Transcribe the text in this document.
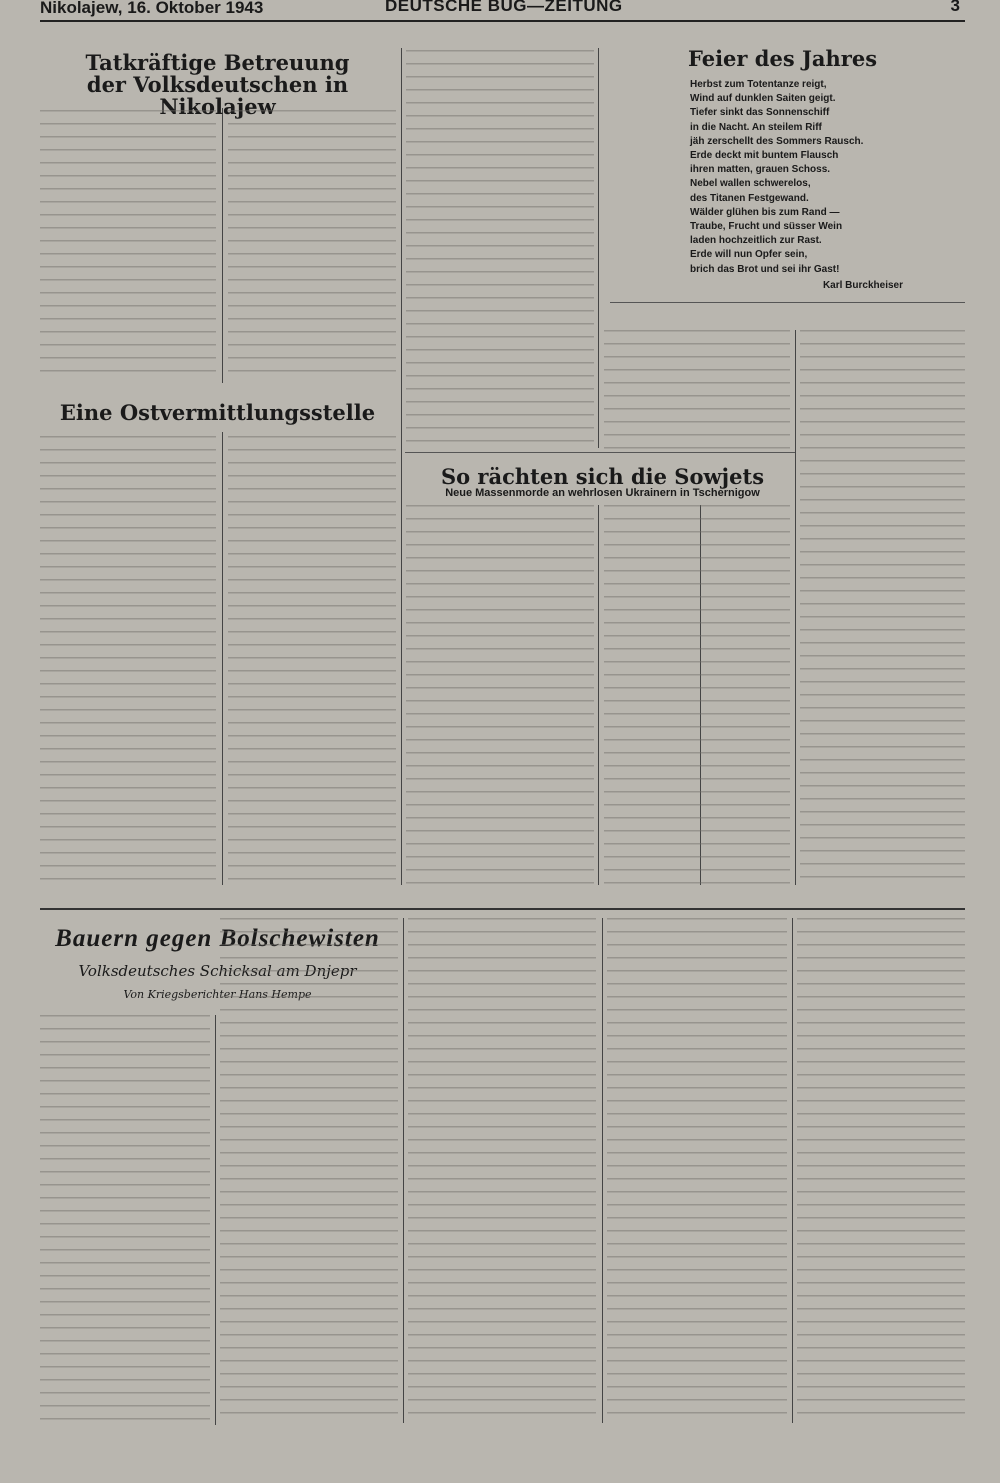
Nikolajew, 16. Oktober 1943	DEUTSCHE BUG—ZEITUNG	3
Tatkräftige Betreuung
der Volksdeutschen in Nikolajew
Eine Ostvermittlungsstelle
Feier des Jahres
So rächten sich die Sowjets
Neue Massenmorde an wehrlosen Ukrainern in Tschernigow
Bauern gegen Bolschewisten
Volksdeutsches Schicksal am Dnjepr
Von Kriegsberichter Hans Hempe
Herbst zum Totentanze reigt,
Wind auf dunklen Saiten geigt.
Tiefer sinkt das Sonnenschiff
in die Nacht. An steilem Riff
jäh zerschellt des Sommers Rausch.
Erde deckt mit buntem Flausch
ihren matten, grauen Schoss.
Nebel wallen schwerelos,
des Titanen Festgewand.
Wälder glühen bis zum Rand —
Traube, Frucht und süsser Wein
laden hochzeitlich zur Rast.
Erde will nun Opfer sein,
brich das Brot und sei ihr Gast!
Karl Burckheiser
